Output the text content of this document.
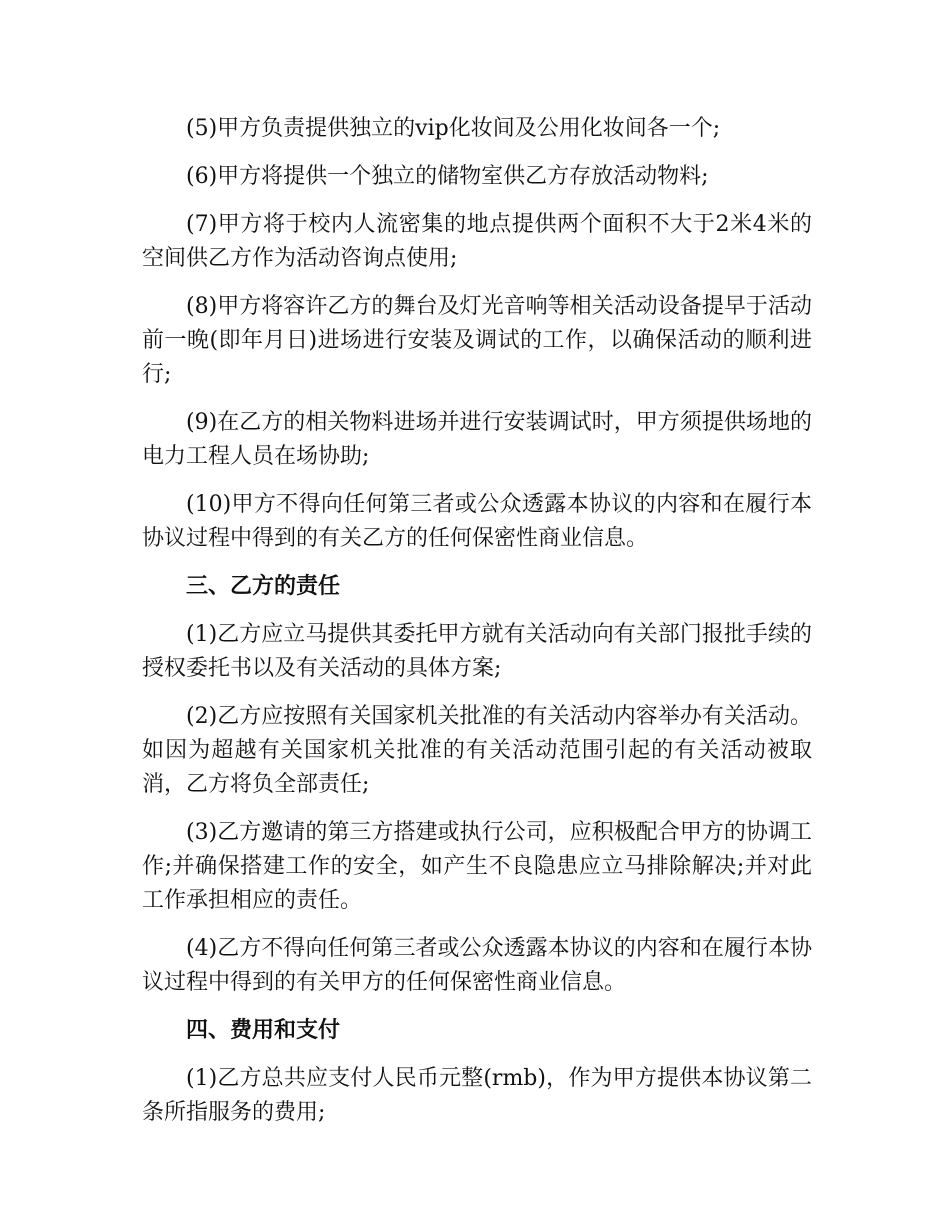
(5)甲方负责提供独立的vip化妆间及公用化妆间各一个;

(6)甲方将提供一个独立的储物室供乙方存放活动物料;

(7)甲方将于校内人流密集的地点提供两个面积不大于2米4米的空间供乙方作为活动咨询点使用;

(8)甲方将容许乙方的舞台及灯光音响等相关活动设备提早于活动前一晚(即年月日)进场进行安装及调试的工作，以确保活动的顺利进行;

(9)在乙方的相关物料进场并进行安装调试时，甲方须提供场地的电力工程人员在场协助;

(10)甲方不得向任何第三者或公众透露本协议的内容和在履行本协议过程中得到的有关乙方的任何保密性商业信息。

三、乙方的责任

(1)乙方应立马提供其委托甲方就有关活动向有关部门报批手续的授权委托书以及有关活动的具体方案;

(2)乙方应按照有关国家机关批准的有关活动内容举办有关活动。如因为超越有关国家机关批准的有关活动范围引起的有关活动被取消，乙方将负全部责任;

(3)乙方邀请的第三方搭建或执行公司，应积极配合甲方的协调工作;并确保搭建工作的安全，如产生不良隐患应立马排除解决;并对此工作承担相应的责任。

(4)乙方不得向任何第三者或公众透露本协议的内容和在履行本协议过程中得到的有关甲方的任何保密性商业信息。

四、费用和支付

(1)乙方总共应支付人民币元整(rmb)，作为甲方提供本协议第二条所指服务的费用;
